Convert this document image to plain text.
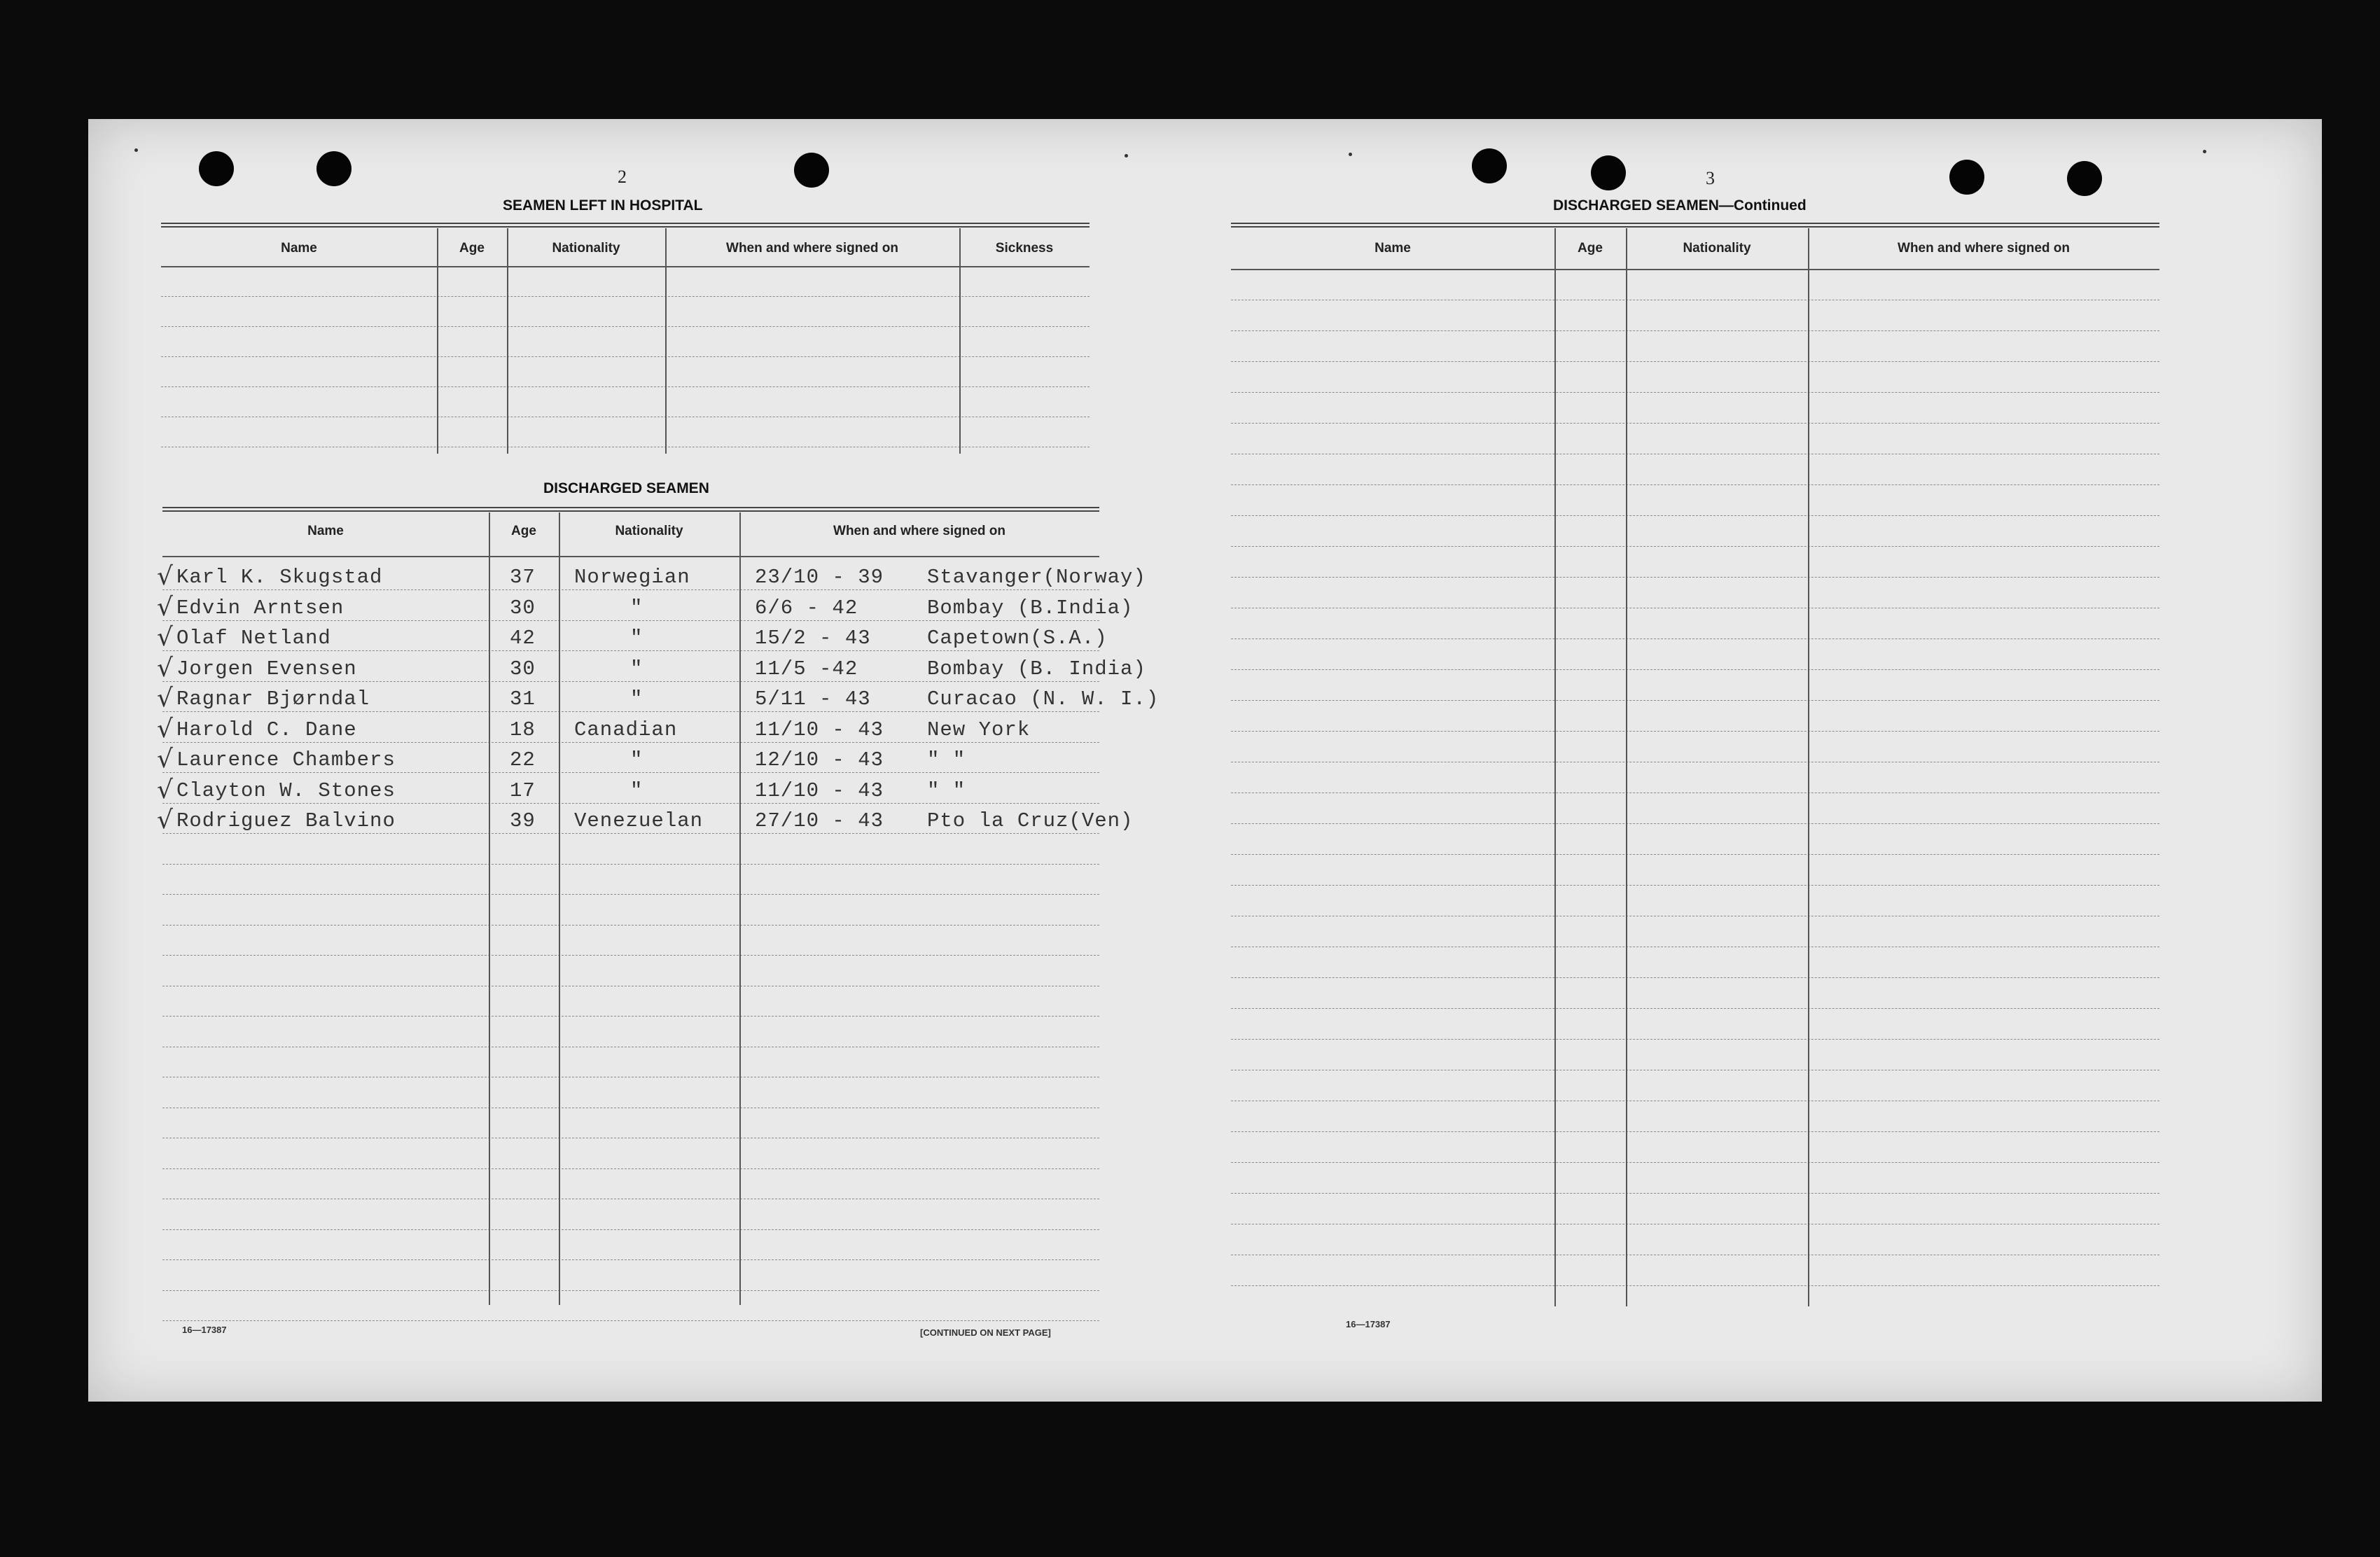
2
SEAMEN LEFT IN HOSPITAL
Name	Age	Nationality	When and where signed on	Sickness
DISCHARGED SEAMEN
Name	Age	Nationality	When and where signed on
√ Karl K. Skugstad	37 Norwegian	23/10 - 39 Stavanger(Norway)
√ Edvin Arntsen	30	"	6/6 - 42	Bombay (B.India)
√ Olaf Netland	42	"	15/2 - 43	Capetown(S.A.)
√ Jorgen Evensen	30	"	11/5 -42	Bombay (B. India)
√ Ragnar Bjørndal	31	"	5/11 - 43	Curacao (N. W. I.)
√ Harold C. Dane	18 Canadian	11/10 - 43 New York
√ Laurence Chambers	22	"	12/10 - 43 " "
√ Clayton W. Stones	17	"	11/10 - 43 " "
√ Rodriguez Balvino	39 Venezuelan	27/10 - 43 Pto la Cruz(Ven)
16—17387	[CONTINUED ON NEXT PAGE]
3
DISCHARGED SEAMEN—Continued
Name	Age	Nationality	When and where signed on
16—17387
